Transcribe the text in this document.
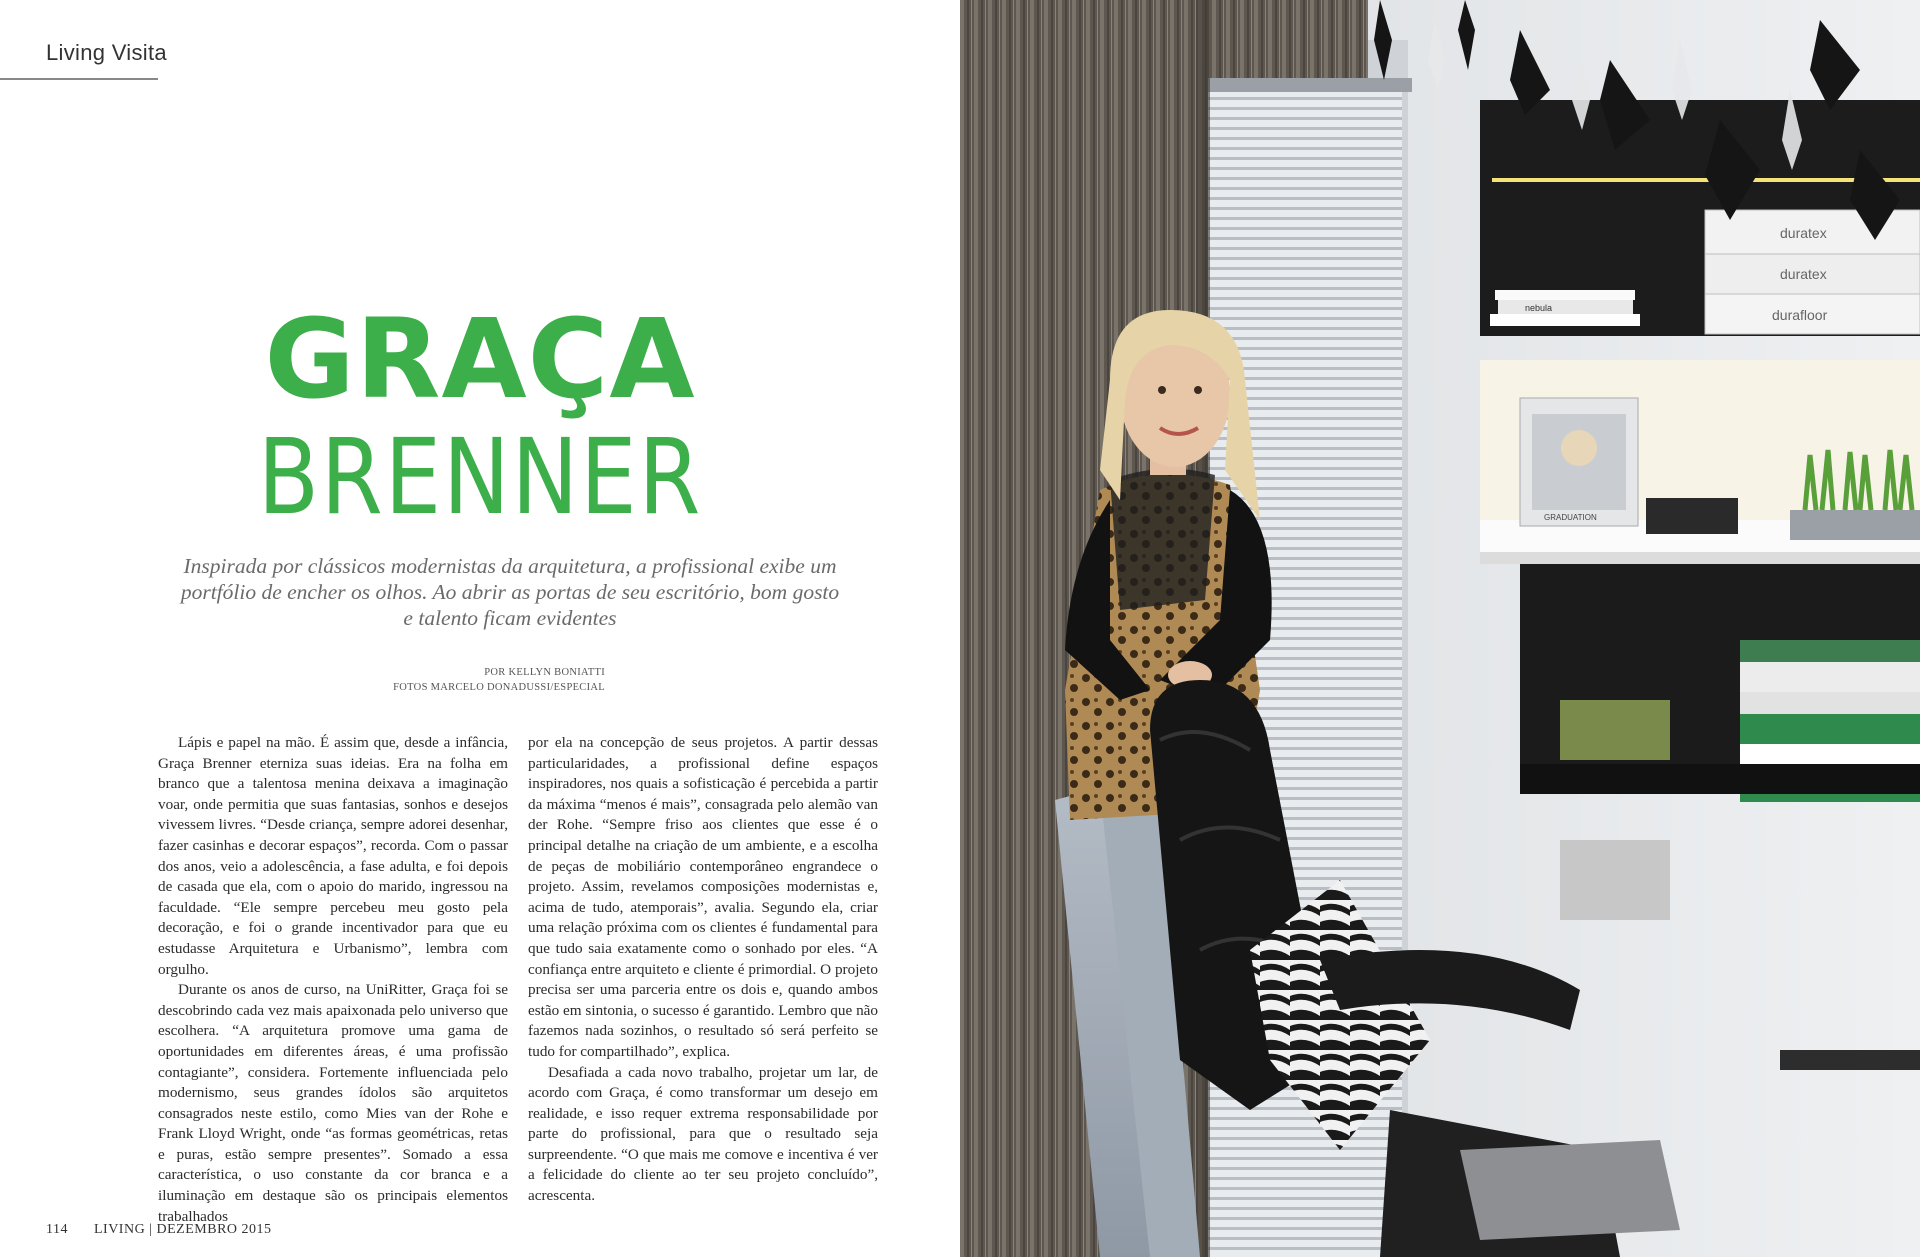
Living Visita
GRAÇA
BRENNER
Inspirada por clássicos modernistas da arquitetura, a profissional exibe um portfólio de encher os olhos. Ao abrir as portas de seu escritório, bom gosto e talento ficam evidentes
POR KELLYN BONIATTI
FOTOS MARCELO DONADUSSI/ESPECIAL

Lápis e papel na mão. É assim que, desde a infância, Graça Brenner eterniza suas ideias. Era na folha em branco que a talentosa menina deixava a imaginação voar, onde permitia que suas fantasias, sonhos e desejos vivessem livres. “Desde criança, sempre adorei desenhar, fazer casinhas e decorar espaços”, recorda. Com o passar dos anos, veio a adolescência, a fase adulta, e foi depois de casada que ela, com o apoio do marido, ingressou na faculdade. “Ele sempre percebeu meu gosto pela decoração, e foi o grande incentivador para que eu estudasse Arquitetura e Urbanismo”, lembra com orgulho.

Durante os anos de curso, na UniRitter, Graça foi se descobrindo cada vez mais apaixonada pelo universo que escolhera. “A arquitetura promove uma gama de oportunidades em diferentes áreas, é uma profissão contagiante”, considera. Fortemente influenciada pelo modernismo, seus grandes ídolos são arquitetos consagrados neste estilo, como Mies van der Rohe e Frank Lloyd Wright, onde “as formas geométricas, retas e puras, estão sempre presentes”. Somado a essa característica, o uso constante da cor branca e a iluminação em destaque são os principais elementos trabalhados

por ela na concepção de seus projetos. A partir dessas particularidades, a profissional define espaços inspiradores, nos quais a sofisticação é percebida a partir da máxima “menos é mais”, consagrada pelo alemão van der Rohe. “Sempre friso aos clientes que esse é o principal detalhe na criação de um ambiente, e a escolha de peças de mobiliário contemporâneo engrandece o projeto. Assim, revelamos composições modernistas e, acima de tudo, atemporais”, avalia. Segundo ela, criar uma relação próxima com os clientes é fundamental para que tudo saia exatamente como o sonhado por eles. “A confiança entre arquiteto e cliente é primordial. O projeto precisa ser uma parceria entre os dois e, quando ambos estão em sintonia, o sucesso é garantido. Lembro que não fazemos nada sozinhos, o resultado só será perfeito se tudo for compartilhado”, explica.

Desafiada a cada novo trabalho, projetar um lar, de acordo com Graça, é como transformar um desejo em realidade, e isso requer extrema responsabilidade por parte do profissional, para que o resultado seja surpreendente. “O que mais me comove e incentiva é ver a felicidade do cliente ao ter seu projeto concluído”, acrescenta.

114 LIVING | DEZEMBRO 2015
duratex
duratex
durafloor
nebula
GRADUATION
